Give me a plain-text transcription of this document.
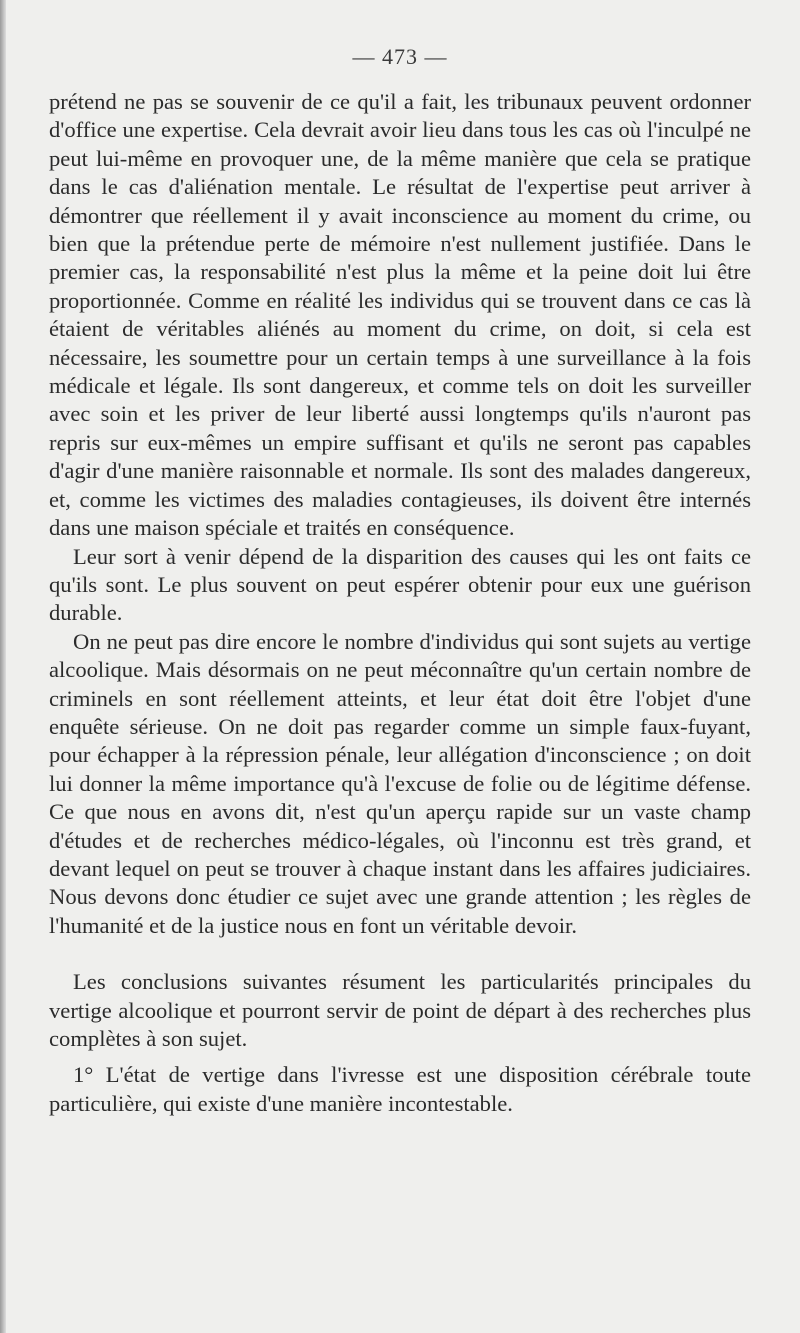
— 473 —

prétend ne pas se souvenir de ce qu'il a fait, les tribunaux peuvent ordonner d'office une expertise. Cela devrait avoir lieu dans tous les cas où l'inculpé ne peut lui-même en provoquer une, de la même manière que cela se pratique dans le cas d'aliénation mentale. Le résultat de l'expertise peut arriver à démontrer que réellement il y avait inconscience au moment du crime, ou bien que la prétendue perte de mémoire n'est nullement justifiée. Dans le premier cas, la responsabilité n'est plus la même et la peine doit lui être proportionnée. Comme en réalité les individus qui se trouvent dans ce cas là étaient de véritables aliénés au moment du crime, on doit, si cela est nécessaire, les soumettre pour un certain temps à une surveillance à la fois médicale et légale. Ils sont dangereux, et comme tels on doit les surveiller avec soin et les priver de leur liberté aussi longtemps qu'ils n'auront pas repris sur eux-mêmes un empire suffisant et qu'ils ne seront pas capables d'agir d'une manière raisonnable et normale. Ils sont des malades dangereux, et, comme les victimes des maladies contagieuses, ils doivent être internés dans une maison spéciale et traités en conséquence.

Leur sort à venir dépend de la disparition des causes qui les ont faits ce qu'ils sont. Le plus souvent on peut espérer obtenir pour eux une guérison durable.

On ne peut pas dire encore le nombre d'individus qui sont sujets au vertige alcoolique. Mais désormais on ne peut méconnaître qu'un certain nombre de criminels en sont réellement atteints, et leur état doit être l'objet d'une enquête sérieuse. On ne doit pas regarder comme un simple faux-fuyant, pour échapper à la répression pénale, leur allégation d'inconscience ; on doit lui donner la même importance qu'à l'excuse de folie ou de légitime défense. Ce que nous en avons dit, n'est qu'un aperçu rapide sur un vaste champ d'études et de recherches médico-légales, où l'inconnu est très grand, et devant lequel on peut se trouver à chaque instant dans les affaires judiciaires. Nous devons donc étudier ce sujet avec une grande attention ; les règles de l'humanité et de la justice nous en font un véritable devoir.

Les conclusions suivantes résument les particularités principales du vertige alcoolique et pourront servir de point de départ à des recherches plus complètes à son sujet.

1° L'état de vertige dans l'ivresse est une disposition cérébrale toute particulière, qui existe d'une manière incontestable.
